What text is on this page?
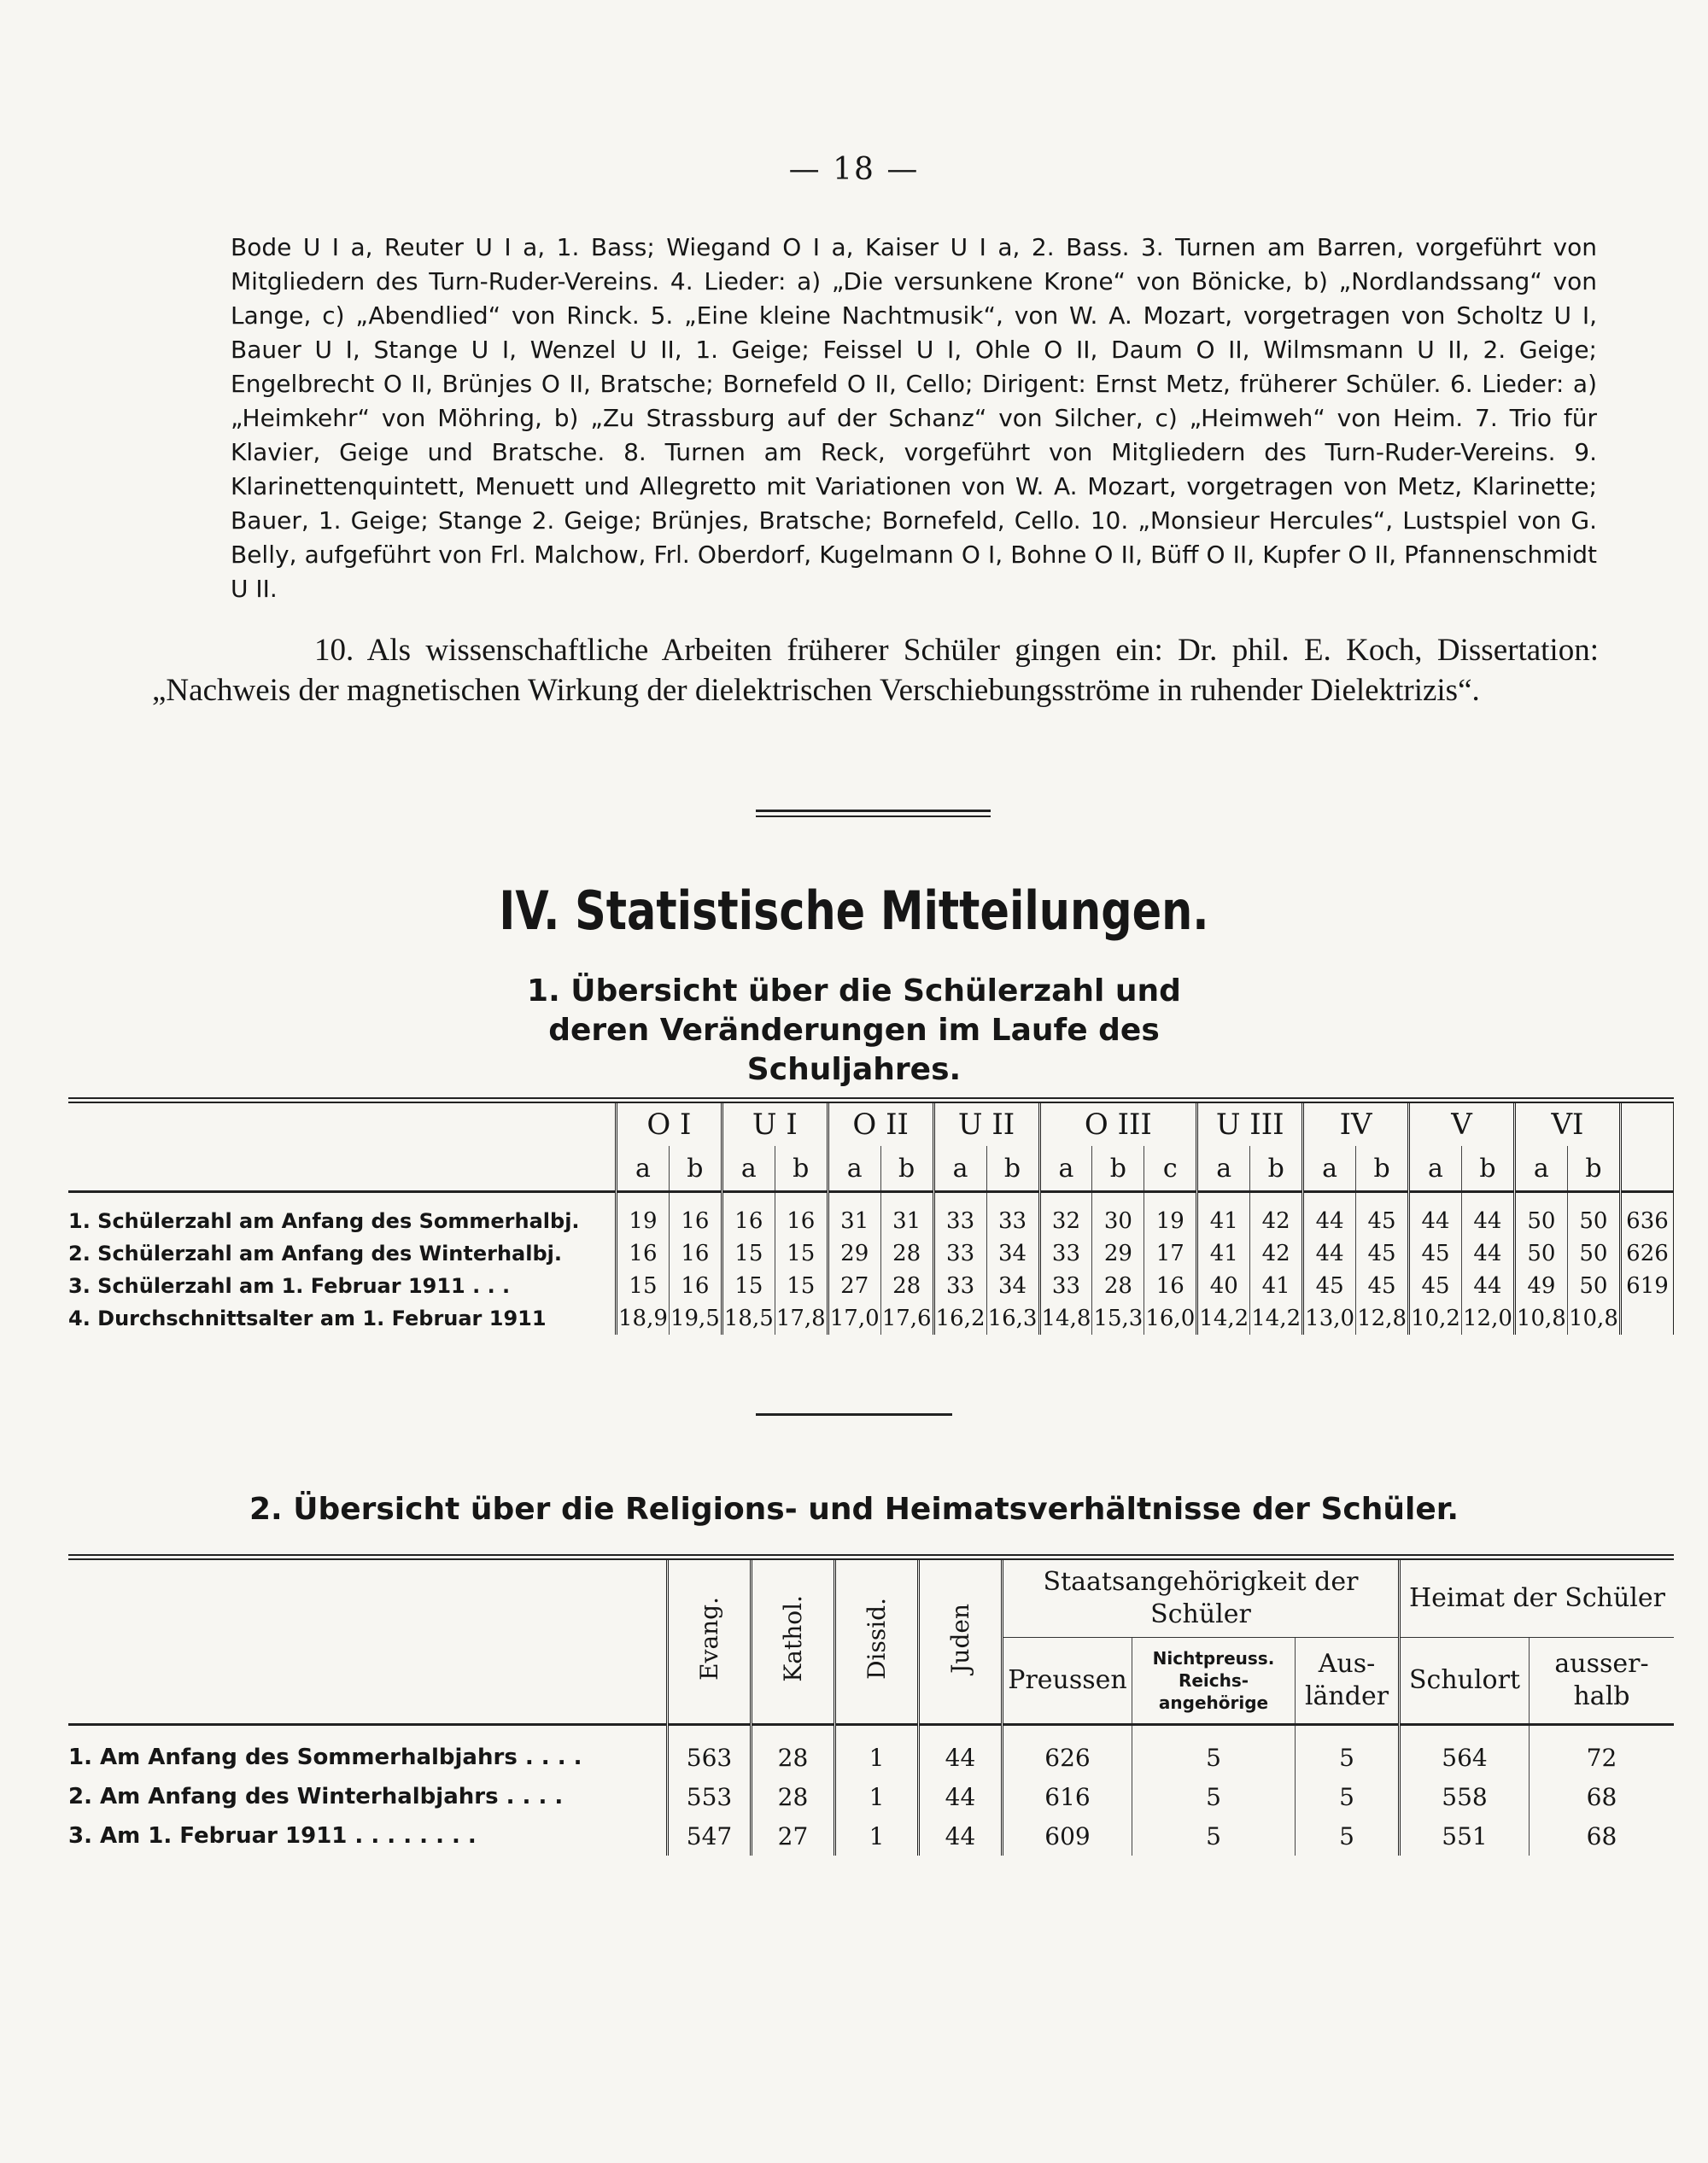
— 18 —

Bode U I a, Reuter U I a, 1. Bass; Wiegand O I a, Kaiser U I a, 2. Bass. 3. Turnen am Barren, vorgeführt von Mitgliedern des Turn-Ruder-Vereins. 4. Lieder: a) „Die versunkene Krone“ von Bönicke, b) „Nordlandssang“ von Lange, c) „Abendlied“ von Rinck. 5. „Eine kleine Nachtmusik“, von W. A. Mozart, vorgetragen von Scholtz U I, Bauer U I, Stange U I, Wenzel U II, 1. Geige; Feissel U I, Ohle O II, Daum O II, Wilmsmann U II, 2. Geige; Engelbrecht O II, Brünjes O II, Bratsche; Bornefeld O II, Cello; Dirigent: Ernst Metz, früherer Schüler. 6. Lieder: a) „Heimkehr“ von Möhring, b) „Zu Strassburg auf der Schanz“ von Silcher, c) „Heimweh“ von Heim. 7. Trio für Klavier, Geige und Bratsche. 8. Turnen am Reck, vorgeführt von Mitgliedern des Turn-Ruder-Vereins. 9. Klarinettenquintett, Menuett und Allegretto mit Variationen von W. A. Mozart, vorgetragen von Metz, Klarinette; Bauer, 1. Geige; Stange 2. Geige; Brünjes, Bratsche; Bornefeld, Cello. 10. „Monsieur Hercules“, Lustspiel von G. Belly, aufgeführt von Frl. Malchow, Frl. Oberdorf, Kugelmann O I, Bohne O II, Büff O II, Kupfer O II, Pfannenschmidt U II.

10. Als wissenschaftliche Arbeiten früherer Schüler gingen ein: Dr. phil. E. Koch, Dissertation: „Nachweis der magnetischen Wirkung der dielektrischen Verschiebungsströme in ruhender Dielektrizis“.

IV. Statistische Mitteilungen.
1. Übersicht über die Schülerzahl und deren Veränderungen im Laufe des Schuljahres.
	O I		U I		O II		U II		O III			U III		IV		V		VI		
	a	b	a	b	a	b	a	b	a	b	c	a	b	a	b	a	b	a	b	
1. Schülerzahl am Anfang des Sommerhalbj.	19	16	16	16	31	31	33	33	32	30	19	41	42	44	45	44	44	50	50	636
2. Schülerzahl am Anfang des Winterhalbj.	16	16	15	15	29	28	33	34	33	29	17	41	42	44	45	45	44	50	50	626
3. Schülerzahl am 1. Februar 1911 . . .	15	16	15	15	27	28	33	34	33	28	16	40	41	45	45	45	44	49	50	619
4. Durchschnittsalter am 1. Februar 1911	18,9	19,5	18,5	17,8	17,0	17,6	16,2	16,3	14,8	15,3	16,0	14,2	14,2	13,0	12,8	10,2	12,0	10,8	10,8	
2. Übersicht über die Religions- und Heimatsverhältnisse der Schüler.
	Evang.	Kathol.	Dissid.	Juden	Staatsangehörigkeit der Schüler			Heimat der Schüler	
					Preussen	Nichtpreuss. Reichs-angehörige	Aus-länder	Schulort	ausser-halb
1. Am Anfang des Sommerhalbjahrs . . . .	563	28	1	44	626	5	5	564	72
2. Am Anfang des Winterhalbjahrs . . . .	553	28	1	44	616	5	5	558	68
3. Am 1. Februar 1911 . . . . . . . .	547	27	1	44	609	5	5	551	68
